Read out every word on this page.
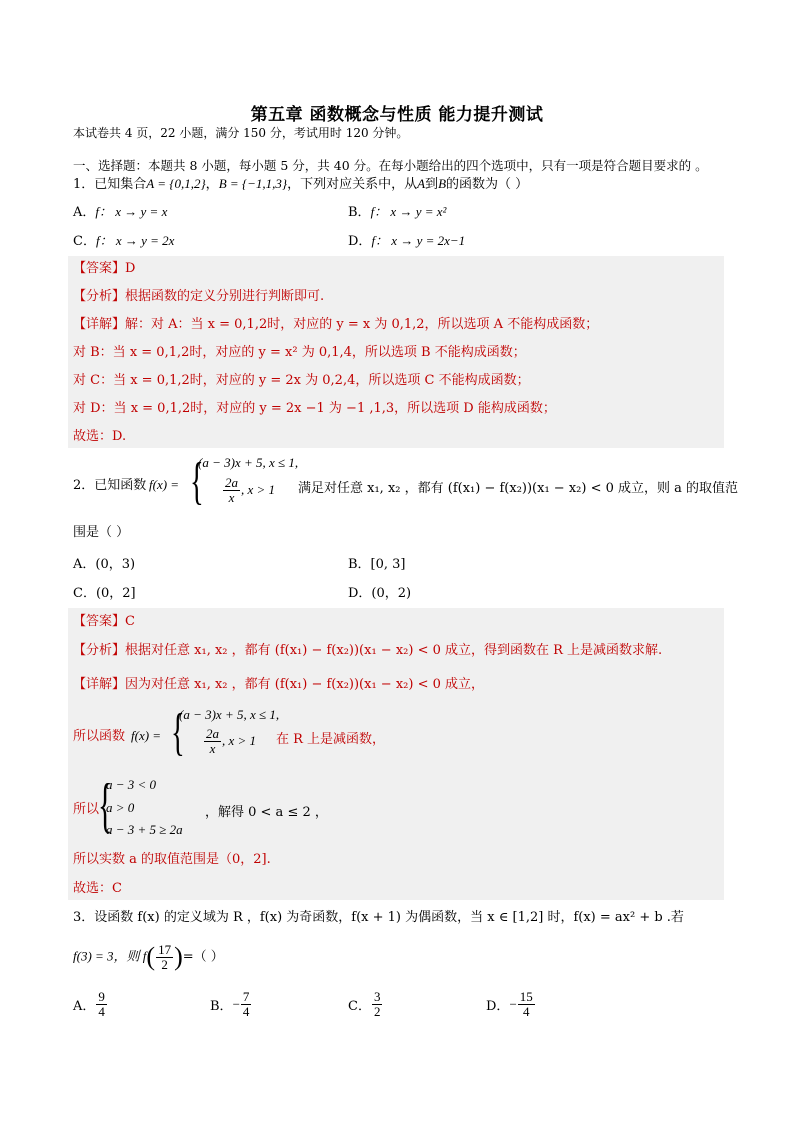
第五章 函数概念与性质 能力提升测试
本试卷共 4 页，22 小题，满分 150 分，考试用时 120 分钟。
一、选择题：本题共 8 小题，每小题 5 分，共 40 分。在每小题给出的四个选项中，只有一项是符合题目要求的 。
1．已知集合A = {0,1,2}，B = {−1,1,3}，下列对应关系中，从A到B的函数为（ ）
A．f： x → y = x	B．f： x → y = x²
C．f： x → y = 2x	D．f： x → y = 2x−1
【答案】D
【分析】根据函数的定义分别进行判断即可.
【详解】解：对 A：当 x = 0,1,2时，对应的 y = x 为 0,1,2，所以选项 A 不能构成函数；
对 B：当 x = 0,1,2时，对应的 y = x² 为 0,1,4，所以选项 B 不能构成函数；
对 C：当 x = 0,1,2时，对应的 y = 2x 为 0,2,4，所以选项 C 不能构成函数；
对 D：当 x = 0,1,2时，对应的 y = 2x −1 为 −1 ,1,3，所以选项 D 能构成函数；
故选：D.
2．已知函数 f(x) = {
(a − 3)x + 5, x ≤ 1,
$\frac{2a}{x}$ , x > 1 满足对任意 x₁, x₂ ，都有 (f(x₁) − f(x₂))(x₁ − x₂) < 0 成立，则 a 的取值范
围是（ ）
A．(0，3)	B．[0, 3]
C．(0，2]	D．(0，2)
【答案】C
【分析】根据对任意 x₁, x₂ ，都有 (f(x₁) − f(x₂))(x₁ − x₂) < 0 成立，得到函数在 R 上是减函数求解.
【详解】因为对任意 x₁, x₂ ，都有 (f(x₁) − f(x₂))(x₁ − x₂) < 0 成立，
所以函数 f(x) = {
(a − 3)x + 5, x ≤ 1,
$\frac{2a}{x}$ , x > 1 在 R 上是减函数，
所以
{
a − 3 < 0
a > 0
a − 3 + 5 ≥ 2a
，解得 0 < a ≤ 2 ，
所以实数 a 的取值范围是（0，2].
故选：C
3．设函数 f(x) 的定义域为 R ，f(x) 为奇函数，f(x + 1) 为偶函数，当 x ∈ [1,2] 时，f(x) = ax² + b .若
f(3) = 3，则 $f( \frac{17}{2}$ )=（ ）
A． $\frac{9}{4}$	B．− $\frac{7}{4}$	C． $\frac{3}{2}$	D．− $\frac{15}{4}$
